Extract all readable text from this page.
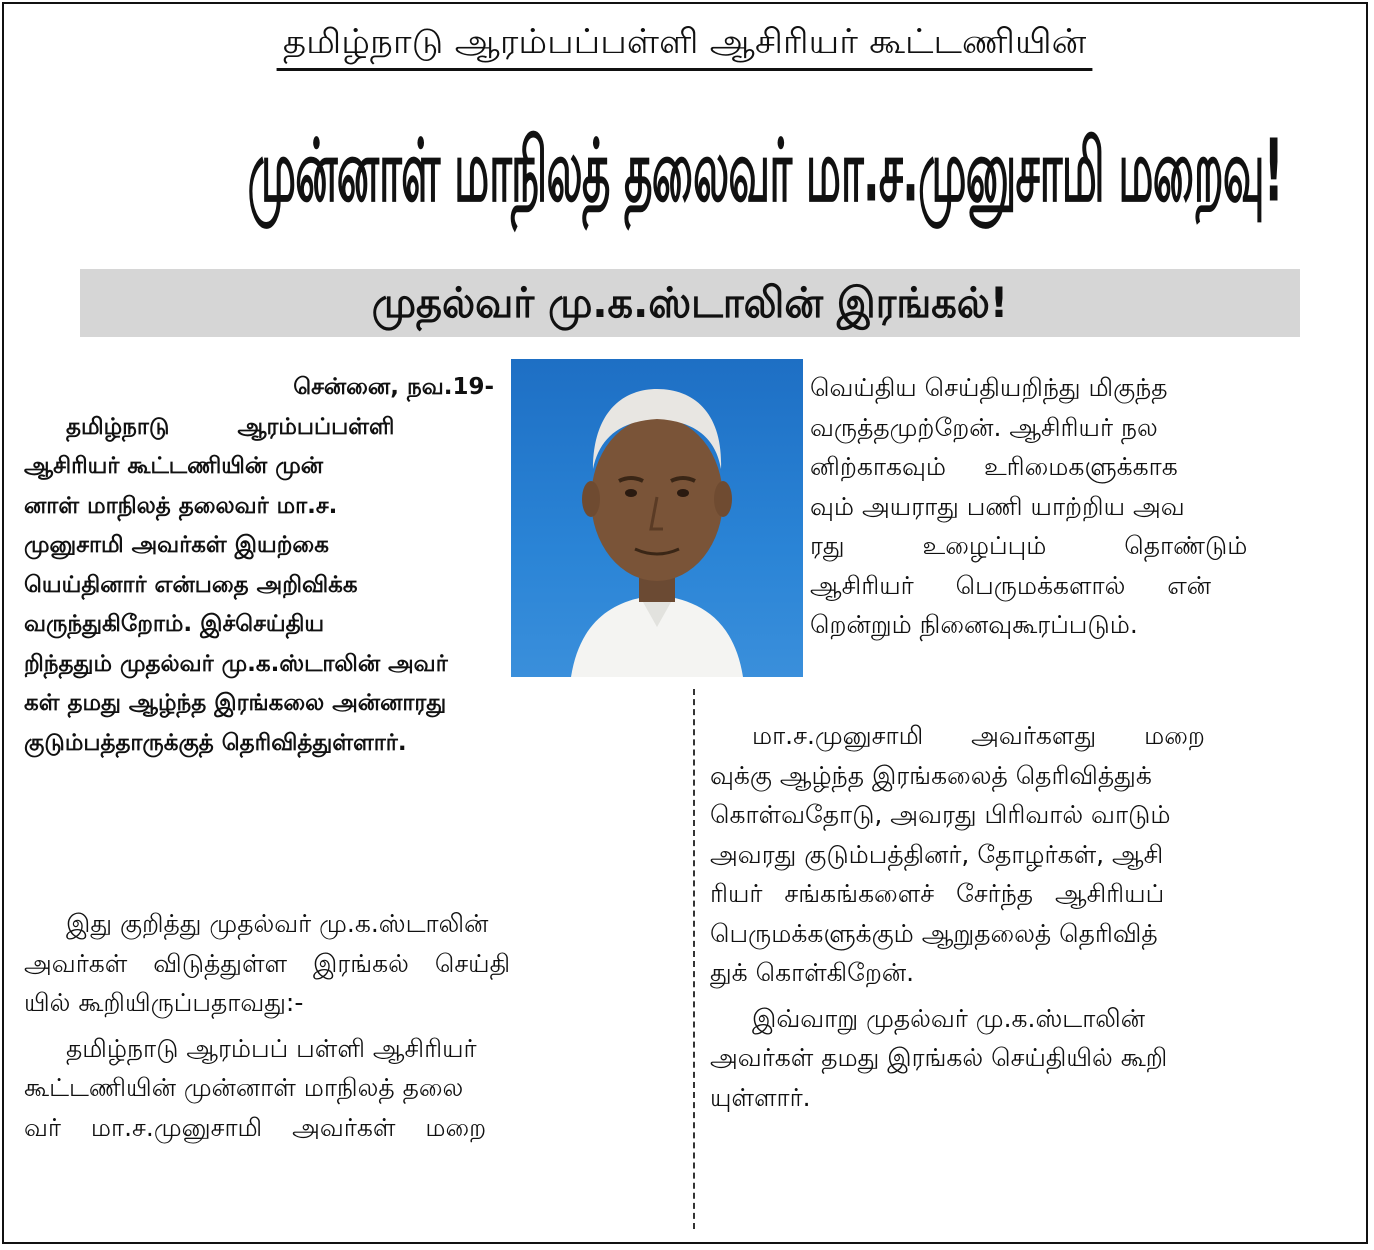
தமிழ்நாடு ஆரம்பப்பள்ளி ஆசிரியர் கூட்டணியின்
முன்னாள் மாநிலத் தலைவர் மா.ச.முனுசாமி மறைவு!
முதல்வர் மு.க.ஸ்டாலின் இரங்கல்!
சென்னை, நவ.19-
தமிழ்நாடு ஆரம்பப்பள்ளி
ஆசிரியர் கூட்டணியின் முன்
னாள் மாநிலத் தலைவர் மா.ச.
முனுசாமி அவர்கள் இயற்கை
யெய்தினார் என்பதை அறிவிக்க
வருந்துகிறோம். இச்செய்திய
றிந்ததும் முதல்வர் மு.க.ஸ்டாலின் அவர்
கள் தமது ஆழ்ந்த இரங்கலை அன்னாரது
குடும்பத்தாருக்குத் தெரிவித்துள்ளார்.
இது குறித்து முதல்வர் மு.க.ஸ்டாலின்
அவர்கள் விடுத்துள்ள இரங்கல் செய்தி
யில் கூறியிருப்பதாவது:-
தமிழ்நாடு ஆரம்பப் பள்ளி ஆசிரியர்
கூட்டணியின் முன்னாள் மாநிலத் தலை
வர் மா.ச.முனுசாமி அவர்கள் மறை
வெய்திய செய்தியறிந்து மிகுந்த
வருத்தமுற்றேன். ஆசிரியர் நல
னிற்காகவும் உரிமைகளுக்காக
வும் அயராது பணி யாற்றிய அவ
ரது உழைப்பும் தொண்டும்
ஆசிரியர் பெருமக்களால் என்
றென்றும் நினைவுகூரப்படும்.
மா.ச.முனுசாமி அவர்களது மறை
வுக்கு ஆழ்ந்த இரங்கலைத் தெரிவித்துக்
கொள்வதோடு, அவரது பிரிவால் வாடும்
அவரது குடும்பத்தினர், தோழர்கள், ஆசி
ரியர் சங்கங்களைச் சேர்ந்த ஆசிரியப்
பெருமக்களுக்கும் ஆறுதலைத் தெரிவித்
துக் கொள்கிறேன்.
இவ்வாறு முதல்வர் மு.க.ஸ்டாலின்
அவர்கள் தமது இரங்கல் செய்தியில் கூறி
யுள்ளார்.
